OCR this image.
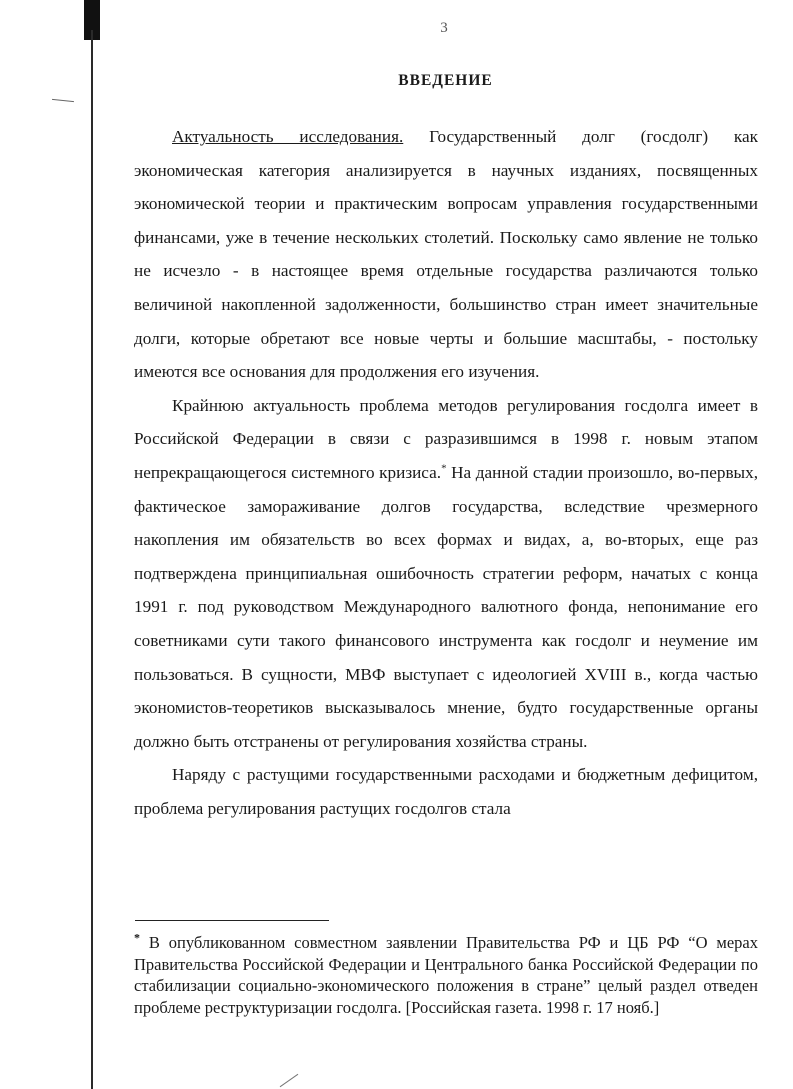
3
ВВЕДЕНИЕ

Актуальность исследования. Государственный долг (госдолг) как экономическая категория анализируется в научных изданиях, посвященных экономической теории и практическим вопросам управления государственными финансами, уже в течение нескольких столетий. Поскольку само явление не только не исчезло - в настоящее время отдельные государства различаются только величиной накопленной задолженности, большинство стран имеет значительные долги, которые обретают все новые черты и большие масштабы, - постольку имеются все основания для продолжения его изучения.

Крайнюю актуальность проблема методов регулирования госдолга имеет в Российской Федерации в связи с разразившимся в 1998 г. новым этапом непрекращающегося системного кризиса.* На данной стадии произошло, во-первых, фактическое замораживание долгов государства, вследствие чрезмерного накопления им обязательств во всех формах и видах, а, во-вторых, еще раз подтверждена принципиальная ошибочность стратегии реформ, начатых с конца 1991 г. под руководством Международного валютного фонда, непонимание его советниками сути такого финансового инструмента как госдолг и неумение им пользоваться. В сущности, МВФ выступает с идеологией XVIII в., когда частью экономистов-теоретиков высказывалось мнение, будто государственные органы должно быть отстранены от регулирования хозяйства страны.

Наряду с растущими государственными расходами и бюджетным дефицитом, проблема регулирования растущих госдолгов стала

* В опубликованном совместном заявлении Правительства РФ и ЦБ РФ “О мерах Правительства Российской Федерации и Центрального банка Российской Федерации по стабилизации социально-экономического положения в стране” целый раздел отведен проблеме реструктуризации госдолга. [Российская газета. 1998 г. 17 нояб.]
